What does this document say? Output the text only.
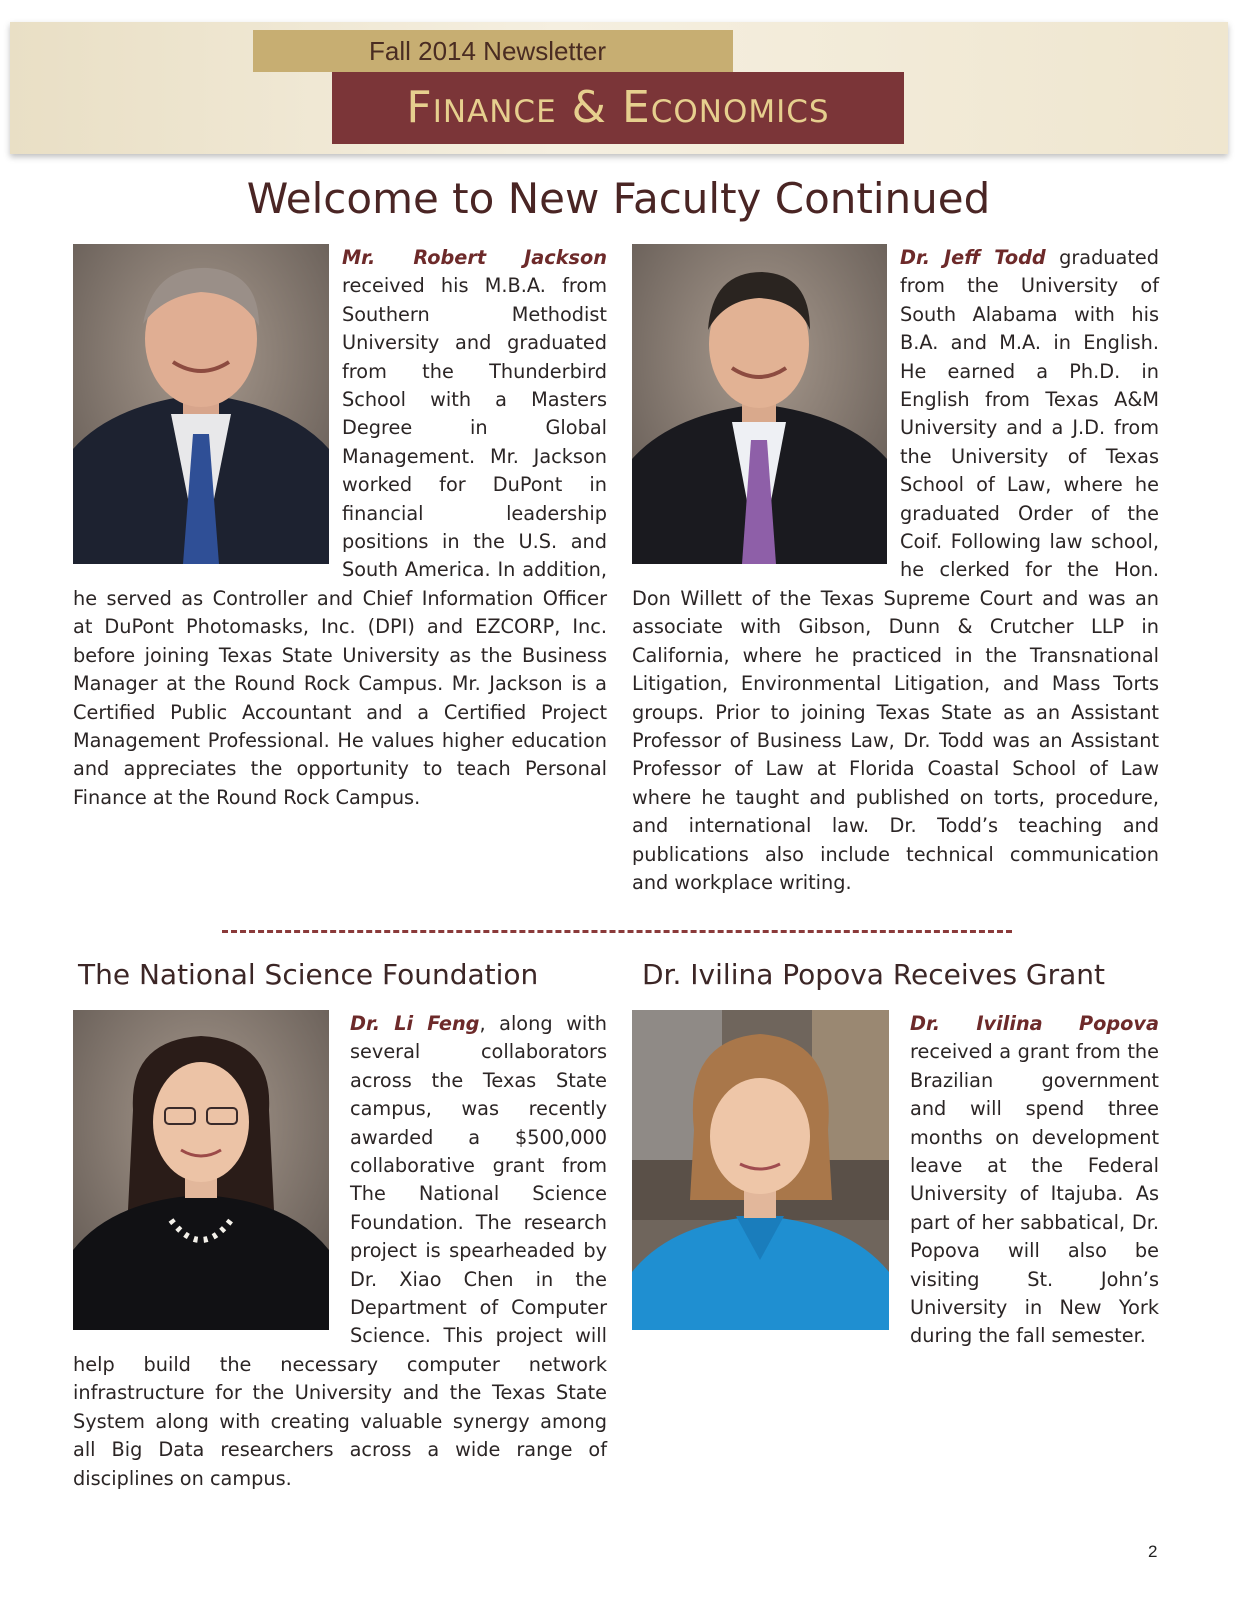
Fall 2014 Newsletter
Finance & Economics
Welcome to New Faculty Continued

Mr. Robert Jackson received his M.B.A. from Southern Methodist University and graduated from the Thunderbird School with a Masters Degree in Global Management. Mr. Jackson worked for DuPont in financial leadership positions in the U.S. and South America. In addition, he served as Controller and Chief Information Officer at DuPont Photomasks, Inc. (DPI) and EZCORP, Inc. before joining Texas State University as the Business Manager at the Round Rock Campus. Mr. Jackson is a Certified Public Accountant and a Certified Project Management Professional. He values higher education and appreciates the opportunity to teach Personal Finance at the Round Rock Campus.

Dr. Jeff Todd graduated from the University of South Alabama with his B.A. and M.A. in English. He earned a Ph.D. in English from Texas A&M University and a J.D. from the University of Texas School of Law, where he graduated Order of the Coif. Following law school, he clerked for the Hon. Don Willett of the Texas Supreme Court and was an associate with Gibson, Dunn & Crutcher LLP in California, where he practiced in the Transnational Litigation, Environmental Litigation, and Mass Torts groups. Prior to joining Texas State as an Assistant Professor of Business Law, Dr. Todd was an Assistant Professor of Law at Florida Coastal School of Law where he taught and published on torts, procedure, and international law. Dr. Todd’s teaching and publications also include technical communication and workplace writing.

The National Science Foundation	Dr. Ivilina Popova Receives Grant

Dr. Li Feng, along with several collaborators across the Texas State campus, was recently awarded a $500,000 collaborative grant from The National Science Foundation. The research project is spearheaded by Dr. Xiao Chen in the Department of Computer Science. This project will help build the necessary computer network infrastructure for the University and the Texas State System along with creating valuable synergy among all Big Data researchers across a wide range of disciplines on campus.

Dr. Ivilina Popova received a grant from the Brazilian government and will spend three months on development leave at the Federal University of Itajuba. As part of her sabbatical, Dr. Popova will also be visiting St. John’s University in New York during the fall semester.

2
